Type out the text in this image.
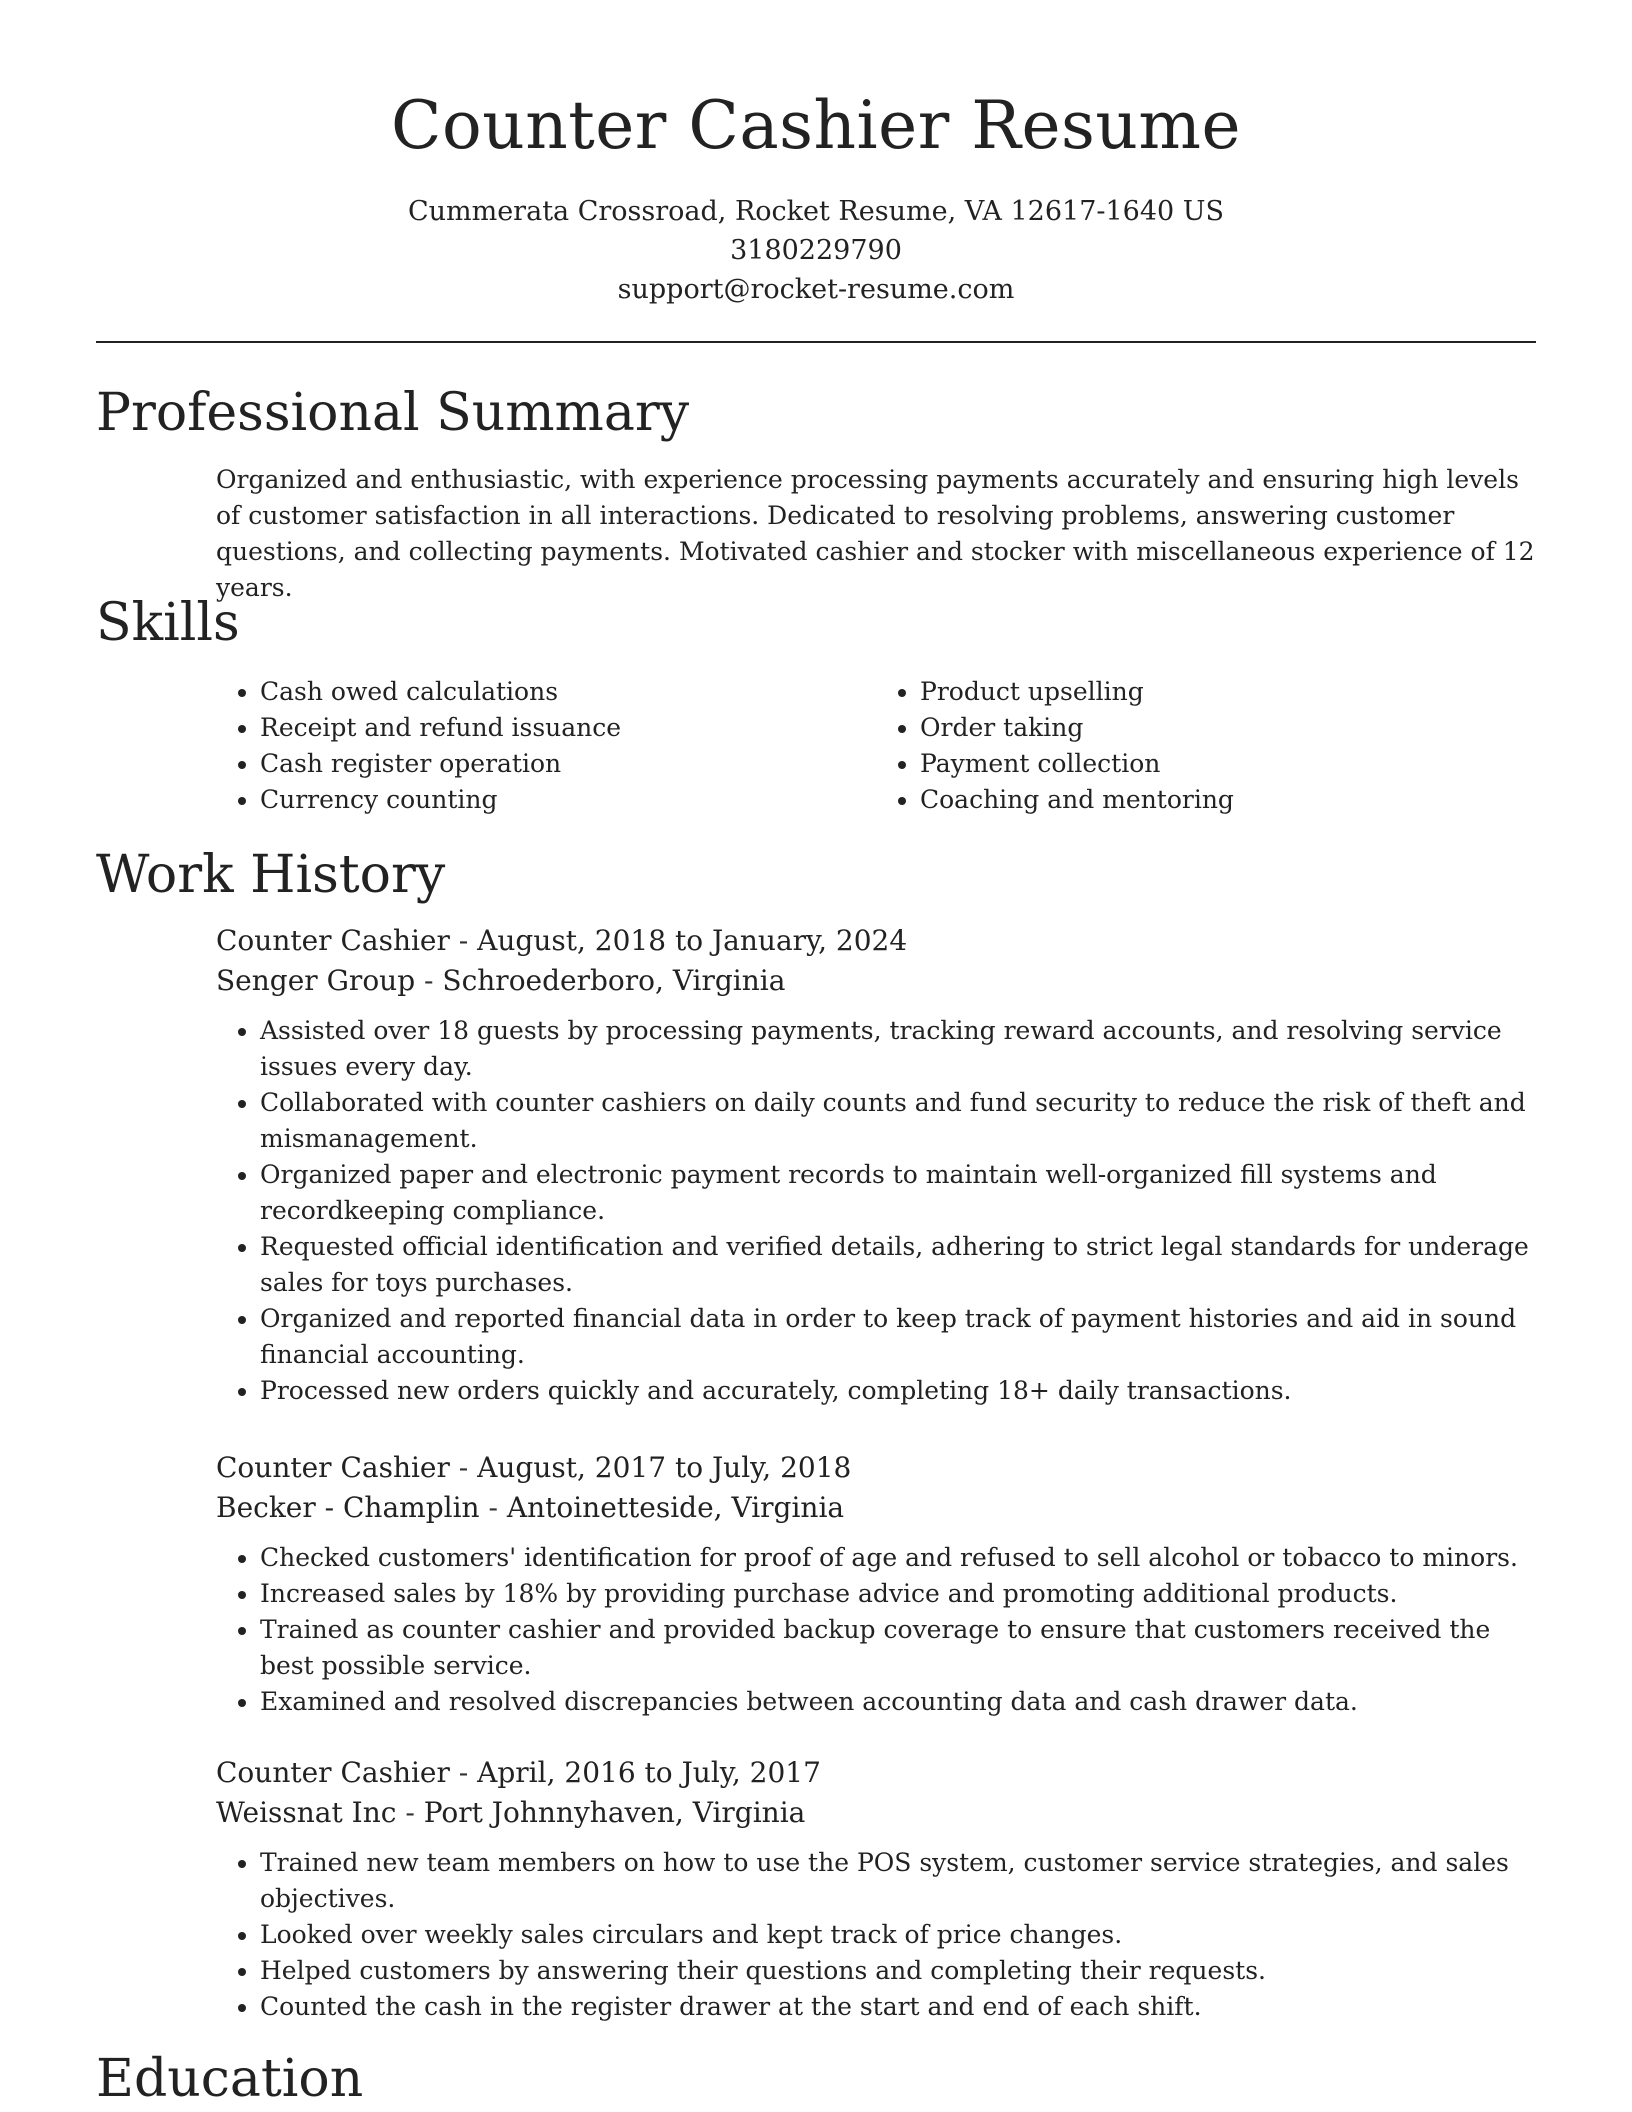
Counter Cashier Resume

Cummerata Crossroad, Rocket Resume, VA 12617-1640 US

3180229790

support@rocket-resume.com

Professional Summary

Organized and enthusiastic, with experience processing payments accurately and ensuring high levels of customer satisfaction in all interactions. Dedicated to resolving problems, answering customer questions, and collecting payments. Motivated cashier and stocker with miscellaneous experience of 12 years.

Skills
• Cash owed calculations
• Receipt and refund issuance
• Cash register operation
• Currency counting
• Product upselling
• Order taking
• Payment collection
• Coaching and mentoring
Work History

Counter Cashier - August, 2018 to January, 2024

Senger Group - Schroederboro, Virginia

• Assisted over 18 guests by processing payments, tracking reward accounts, and resolving service issues every day.
• Collaborated with counter cashiers on daily counts and fund security to reduce the risk of theft and mismanagement.
• Organized paper and electronic payment records to maintain well-organized fill systems and recordkeeping compliance.
• Requested official identification and verified details, adhering to strict legal standards for underage sales for toys purchases.
• Organized and reported financial data in order to keep track of payment histories and aid in sound financial accounting.
• Processed new orders quickly and accurately, completing 18+ daily transactions.

Counter Cashier - August, 2017 to July, 2018

Becker - Champlin - Antoinetteside, Virginia

• Checked customers' identification for proof of age and refused to sell alcohol or tobacco to minors.
• Increased sales by 18% by providing purchase advice and promoting additional products.
• Trained as counter cashier and provided backup coverage to ensure that customers received the best possible service.
• Examined and resolved discrepancies between accounting data and cash drawer data.

Counter Cashier - April, 2016 to July, 2017

Weissnat Inc - Port Johnnyhaven, Virginia

• Trained new team members on how to use the POS system, customer service strategies, and sales objectives.
• Looked over weekly sales circulars and kept track of price changes.
• Helped customers by answering their questions and completing their requests.
• Counted the cash in the register drawer at the start and end of each shift.
Education
